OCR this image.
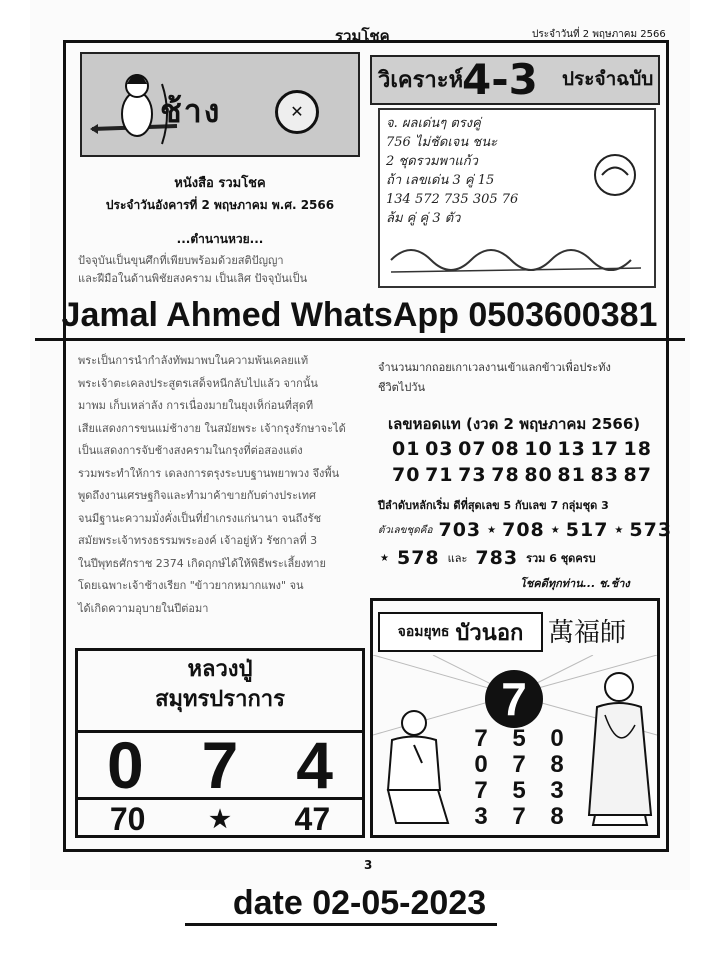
รวมโชค	ประจำวันที่ 2 พฤษภาคม 2566
ช้าง	✕
หนังสือ รวมโชค
ประจำวันอังคารที่ 2 พฤษภาคม พ.ศ. 2566
...ตำนานหวย...
ปัจจุบันเป็นขุนศึกที่เพียบพร้อมด้วยสติปัญญา
และฝีมือในด้านพิชัยสงคราม เป็นเลิศ ปัจจุบันเป็น
พระเป็นการนำกำลังทัพมาพบในความพ้นเคลยแท้
พระเจ้าตะเคลงประสูตรเสด็จหนีกลับไปแล้ว จากนั้น
มาพม เก็บเหล่าลัง การเนื่องมายในยุงเห็ก่อนที่สุดที
เสียแสดงการขนแม่ช้างาย ในสมัยพระ เจ้ากรุงรักษาจะได้
เป็นแสดงการจับช้างสงครามในกรุงที่ต่อสองแต่ง
รวมพระทำให้การ เดลงการตรุงระบบฐานพยาพวง จึงพื้น
พูดถึงงานเศรษฐกิจและทำมาค้าขายกับต่างประเทศ
จนมีฐานะความมั่งคั่งเป็นที่ยำเกรงแก่นานา จนถึงรัช
สมัยพระเจ้าทรงธรรมพระองค์ เจ้าอยู่หัว รัชกาลที่ 3
ในปีพุทธศักราช 2374 เกิดฤกษ์ได้ให้พิธีพระเลี้ยงทาย
โดยเฉพาะเจ้าช้างเรียก "ข้าวยากหมากแพง" จน
ได้เกิดความอุบายในปีต่อมา
วิเคราะห์
4-3 ประจำฉบับ
จ. ผลเด่นๆ ตรงคู่
756 ไม่ชัดเจน ชนะ
2 ชุดรวมพาแก้ว
ถ้า เลขเด่น 3 คู่ 15
134 572 735 305 76
ล้ม คู่ คู่ 3 ตัว
Jamal Ahmed WhatsApp 0503600381
จำนวนมากถอยเกาเวลงานเข้าแลกข้าวเพื่อประทัง
ชีวิตไปวัน
เลขหอดแท (งวด 2 พฤษภาคม 2566)
01 03 07 08 10 13 17 18
70 71 73 78 80 81 83 87
ปีลำดับหลักเริ่ม ดีที่สุดเลข 5 กับเลข 7 กลุ่มชุด 3
ตัวเลขชุดคือ 703 ★ 708 ★ 517 ★ 573
★ 578 และ 783 รวม 6 ชุดครบ
โชคดีทุกท่าน... ช.ช้าง
หลวงปู่
สมุทรปราการ
0 7 4
70	★ 47
จอมยุทธ บัวนอก 萬福師
7
7 5 0
0 7 8
7 5 3
3 7 8
3
date 02-05-2023
